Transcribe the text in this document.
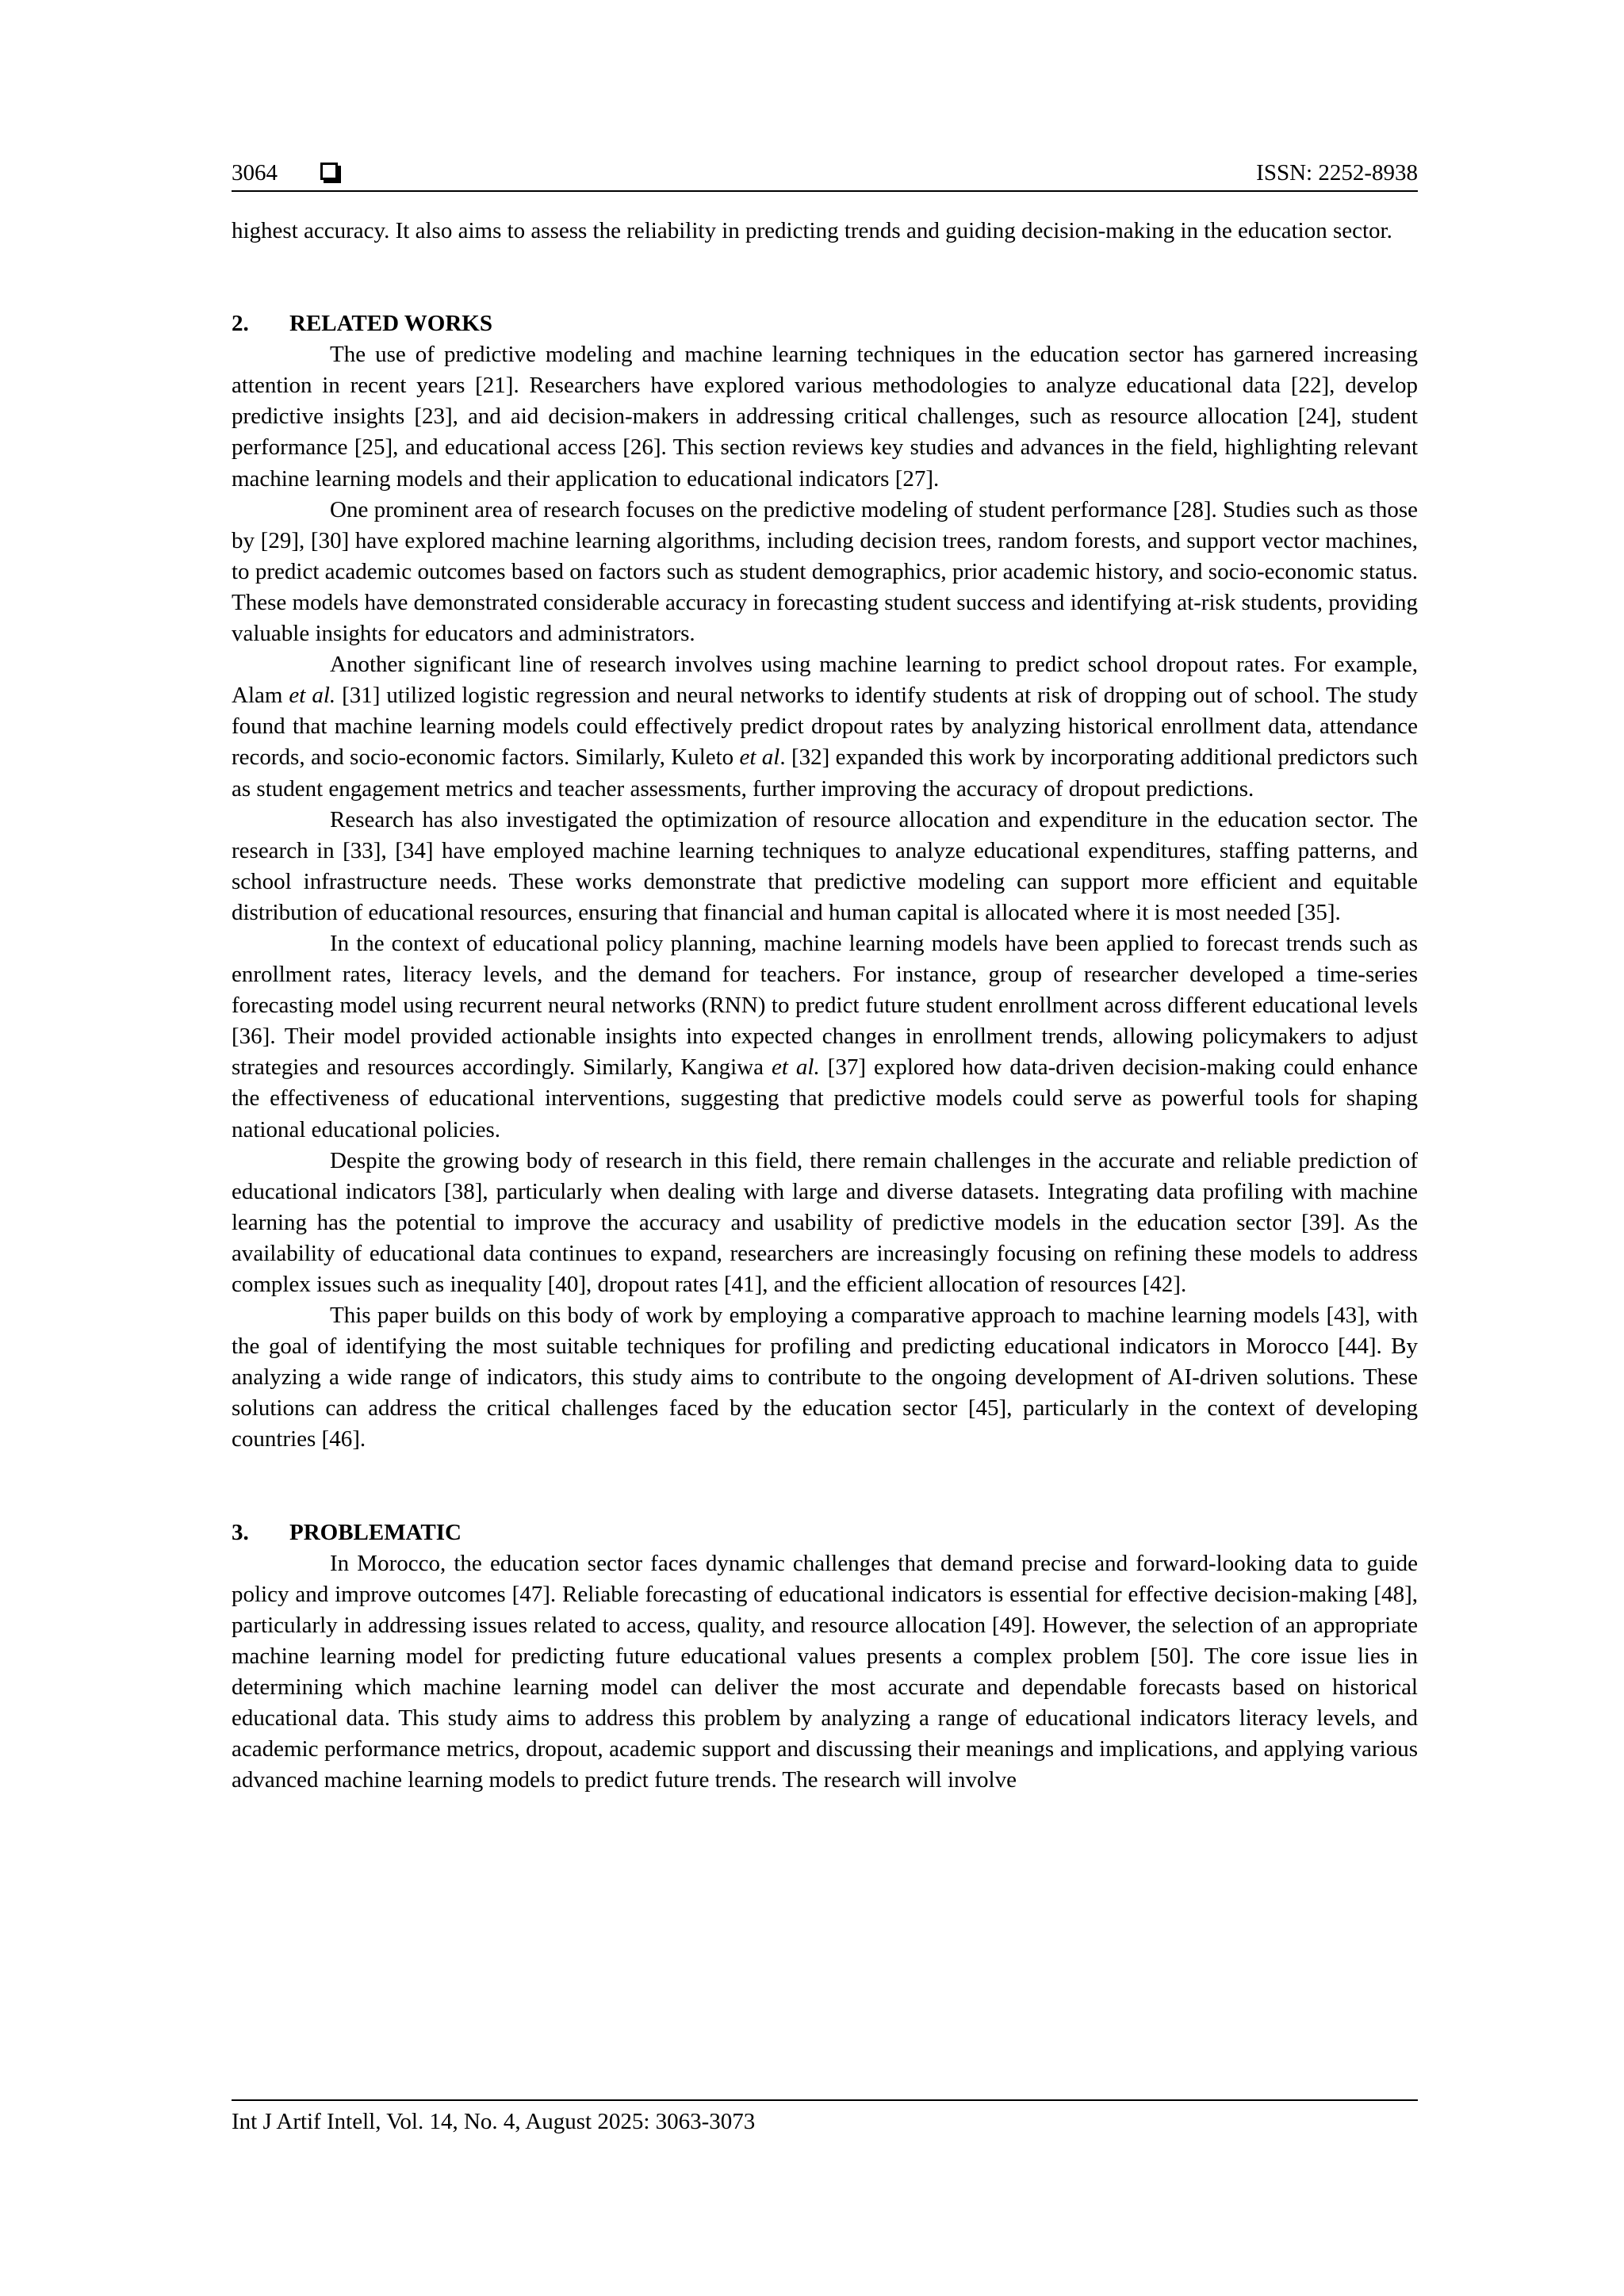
3064	ISSN: 2252-8938

highest accuracy. It also aims to assess the reliability in predicting trends and guiding decision-making in the education sector.

2. RELATED WORKS

The use of predictive modeling and machine learning techniques in the education sector has garnered increasing attention in recent years [21]. Researchers have explored various methodologies to analyze educational data [22], develop predictive insights [23], and aid decision-makers in addressing critical challenges, such as resource allocation [24], student performance [25], and educational access [26]. This section reviews key studies and advances in the field, highlighting relevant machine learning models and their application to educational indicators [27].

One prominent area of research focuses on the predictive modeling of student performance [28]. Studies such as those by [29], [30] have explored machine learning algorithms, including decision trees, random forests, and support vector machines, to predict academic outcomes based on factors such as student demographics, prior academic history, and socio-economic status. These models have demonstrated considerable accuracy in forecasting student success and identifying at-risk students, providing valuable insights for educators and administrators.

Another significant line of research involves using machine learning to predict school dropout rates. For example, Alam et al. [31] utilized logistic regression and neural networks to identify students at risk of dropping out of school. The study found that machine learning models could effectively predict dropout rates by analyzing historical enrollment data, attendance records, and socio-economic factors. Similarly, Kuleto et al. [32] expanded this work by incorporating additional predictors such as student engagement metrics and teacher assessments, further improving the accuracy of dropout predictions.

Research has also investigated the optimization of resource allocation and expenditure in the education sector. The research in [33], [34] have employed machine learning techniques to analyze educational expenditures, staffing patterns, and school infrastructure needs. These works demonstrate that predictive modeling can support more efficient and equitable distribution of educational resources, ensuring that financial and human capital is allocated where it is most needed [35].

In the context of educational policy planning, machine learning models have been applied to forecast trends such as enrollment rates, literacy levels, and the demand for teachers. For instance, group of researcher developed a time-series forecasting model using recurrent neural networks (RNN) to predict future student enrollment across different educational levels [36]. Their model provided actionable insights into expected changes in enrollment trends, allowing policymakers to adjust strategies and resources accordingly. Similarly, Kangiwa et al. [37] explored how data-driven decision-making could enhance the effectiveness of educational interventions, suggesting that predictive models could serve as powerful tools for shaping national educational policies.

Despite the growing body of research in this field, there remain challenges in the accurate and reliable prediction of educational indicators [38], particularly when dealing with large and diverse datasets. Integrating data profiling with machine learning has the potential to improve the accuracy and usability of predictive models in the education sector [39]. As the availability of educational data continues to expand, researchers are increasingly focusing on refining these models to address complex issues such as inequality [40], dropout rates [41], and the efficient allocation of resources [42].

This paper builds on this body of work by employing a comparative approach to machine learning models [43], with the goal of identifying the most suitable techniques for profiling and predicting educational indicators in Morocco [44]. By analyzing a wide range of indicators, this study aims to contribute to the ongoing development of AI-driven solutions. These solutions can address the critical challenges faced by the education sector [45], particularly in the context of developing countries [46].

3. PROBLEMATIC

In Morocco, the education sector faces dynamic challenges that demand precise and forward-looking data to guide policy and improve outcomes [47]. Reliable forecasting of educational indicators is essential for effective decision-making [48], particularly in addressing issues related to access, quality, and resource allocation [49]. However, the selection of an appropriate machine learning model for predicting future educational values presents a complex problem [50]. The core issue lies in determining which machine learning model can deliver the most accurate and dependable forecasts based on historical educational data. This study aims to address this problem by analyzing a range of educational indicators literacy levels, and academic performance metrics, dropout, academic support and discussing their meanings and implications, and applying various advanced machine learning models to predict future trends. The research will involve

Int J Artif Intell, Vol. 14, No. 4, August 2025: 3063-3073
